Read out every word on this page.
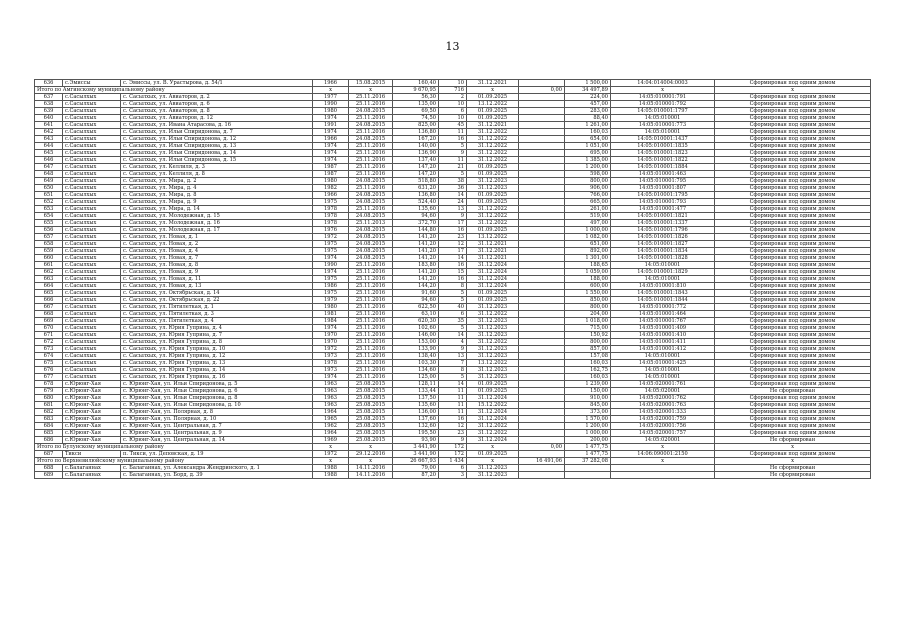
13
636	с.Эмиссы	с. Эмиссы, ул. В. Урастырова, д. 54/1	1966	15.08.2015	160,40	10	31.12.2021		1 500,00	14:04:014004:0003	Сформирован под одним домом
Итого по Амгинскому муниципальному району			x	x	9 670,95	716	x	0,00	34 497,89	x	x
637	с.Сасылхых	с. Сасылхых, ул. Авиаторов, д. 2	1977	25.11.2016	56,30	2	01.09.2025		224,00	14:05:010001:791	Сформирован под одним домом
638	с.Сасылхых	с. Сасылхых, ул. Авиаторов, д. 6	1990	25.11.2016	135,00	10	13.12.2022		457,00	14:05:010001:792	Сформирован под одним домом
639	с.Сасылхых	с. Сасылхых, ул. Авиаторов, д. 8	1980	24.08.2015	69,50	6	01.09.2025		283,00	14:05:010001:1797	Сформирован под одним домом
640	с.Сасылхых	с. Сасылхых, ул. Авиаторов, д. 12	1974	25.11.2016	74,50	10	01.09.2025		88,40	14:05:010001	Сформирован под одним домом
641	с.Сасылхых	с. Сасылхых, ул. Ивана Атарасова, д. 16	1991	24.08.2015	825,00	45	31.12.2021		1 261,00	14:05:010001:773	Сформирован под одним домом
642	с.Сасылхых	с. Сасылхых, ул. Ильи Спиридонова, д. 7	1974	25.11.2016	136,80	11	31.12.2022		160,03	14:05:010001	Сформирован под одним домом
643	с.Сасылхых	с. Сасылхых, ул. Ильи Спиридонова, д. 12	1966	24.08.2015	167,20	16	31.12.2022		654,00	14:05:010001:1437	Сформирован под одним домом
644	с.Сасылхых	с. Сасылхых, ул. Ильи Спиридонова, д. 13	1974	25.11.2016	140,00	5	31.12.2022		1 051,00	14:05:010001:1835	Сформирован под одним домом
645	с.Сасылхых	с. Сасылхых, ул. Ильи Спиридонова, д. 14	1974	25.11.2016	136,90	9	31.12.2022		695,00	14:05:010001:1823	Сформирован под одним домом
646	с.Сасылхых	с. Сасылхых, ул. Ильи Спиридонова, д. 15	1974	25.11.2016	137,40	11	31.12.2022		1 385,00	14:05:010001:1822	Сформирован под одним домом
647	с.Сасылхых	с. Сасылхых, ул. Келлиля, д. 3	1987	25.11.2016	147,20	21	01.09.2025		1 200,00	14:05:010001:1884	Сформирован под одним домом
648	с.Сасылхых	с. Сасылхых, ул. Келлиля, д. 8	1987	25.11.2016	147,20	5	01.09.2025		598,00	14:05:010001:463	Сформирован под одним домом
649	с.Сасылхых	с. Сасылхых, ул. Мира, д. 2	1980	24.08.2015	518,80	38	31.12.2023		800,00	14:05:010001:795	Сформирован под одним домом
650	с.Сасылхых	с. Сасылхых, ул. Мира, д. 4	1982	25.11.2016	631,20	36	31.12.2023		906,00	14:05:010001:807	Сформирован под одним домом
651	с.Сасылхых	с. Сасылхых, ул. Мира, д. 8	1966	24.08.2015	136,80	14	01.09.2025		766,00	14:05:010001:1795	Сформирован под одним домом
652	с.Сасылхых	с. Сасылхых, ул. Мира, д. 9	1975	24.08.2015	524,40	24	01.09.2025		665,00	14:05:010001:793	Сформирован под одним домом
653	с.Сасылхых	с. Сасылхых, ул. Мира, д. 14	1978	25.11.2016	135,60	13	31.12.2022		261,00	14:05:010001:477	Сформирован под одним домом
654	с.Сасылхых	с. Сасылхых, ул. Молодежная, д. 15	1978	24.08.2015	94,60	9	31.12.2022		519,00	14:05:010001:1821	Сформирован под одним домом
655	с.Сасылхых	с. Сасылхых, ул. Молодежная, д. 16	1978	25.11.2013	372,70	17	31.12.2022		497,00	14:05:010001:1337	Сформирован под одним домом
656	с.Сасылхых	с. Сасылхых, ул. Молодежная, д. 17	1976	24.08.2015	144,80	16	01.09.2025		1 000,00	14:05:010001:1796	Сформирован под одним домом
657	с.Сасылхых	с. Сасылхых, ул. Новая, д. 1	1972	24.08.2015	141,20	23	13.12.2022		1 082,00	14:05:010001:1826	Сформирован под одним домом
658	с.Сасылхых	с. Сасылхых, ул. Новая, д. 2	1975	24.08.2015	141,20	12	31.12.2021		651,00	14:05:010001:1827	Сформирован под одним домом
659	с.Сасылхых	с. Сасылхых, ул. Новая, д. 4	1975	24.08.2015	141,20	17	31.12.2021		892,00	14:05:010001:1834	Сформирован под одним домом
660	с.Сасылхых	с. Сасылхых, ул. Новая, д. 7	1974	24.08.2015	141,20	14	31.12.2021		1 301,00	14:05:010001:1828	Сформирован под одним домом
661	с.Сасылхых	с. Сасылхых, ул. Новая, д. 8	1990	25.11.2016	183,80	16	31.12.2024		188,65	14:05:010001	Сформирован под одним домом
662	с.Сасылхых	с. Сасылхых, ул. Новая, д. 9	1974	25.11.2016	141,20	15	31.12.2024		1 059,00	14:05:010001:1829	Сформирован под одним домом
663	с.Сасылхых	с. Сасылхых, ул. Новая, д. 11	1975	25.11.2016	141,20	16	31.12.2024		188,00	14:05:010001	Сформирован под одним домом
664	с.Сасылхых	с. Сасылхых, ул. Новая, д. 13	1986	25.11.2016	144,20	8	31.12.2024		600,00	14:05:010001:810	Сформирован под одним домом
665	с.Сасылхых	с. Сасылхых, ул. Октябрьская, д. 14	1975	25.11.2016	91,60	5	01.09.2025		1 550,00	14:05:010001:1843	Сформирован под одним домом
666	с.Сасылхых	с. Сасылхых, ул. Октябрьская, д. 22	1979	25.11.2016	94,60	5	01.09.2025		850,00	14:05:010001:1844	Сформирован под одним домом
667	с.Сасылхых	с. Сасылхых, ул. Пятилеткая, д. 1	1980	25.11.2016	622,50	40	31.12.2023		800,00	14:05:010001:772	Сформирован под одним домом
668	с.Сасылхых	с. Сасылхых, ул. Пятилеткая, д. 3	1981	25.11.2016	63,10	6	31.12.2022		204,00	14:05:010001:464	Сформирован под одним домом
669	с.Сасылхых	с. Сасылхых, ул. Пятилеткая, д. 4	1984	25.11.2016	620,30	35	31.12.2023		1 018,00	14:05:010001:767	Сформирован под одним домом
670	с.Сасылхых	с. Сасылхых, ул. Юрия Гуприна, д. 4	1974	25.11.2016	102,60	5	31.12.2023		715,00	14:05:010001:409	Сформирован под одним домом
671	с.Сасылхых	с. Сасылхых, ул. Юрия Гуприна, д. 7	1970	25.11.2016	146,00	14	31.12.2023		150,92	14:05:010001:410	Сформирован под одним домом
672	с.Сасылхых	с. Сасылхых, ул. Юрия Гуприна, д. 8	1970	25.11.2016	153,00	4	31.12.2022		800,00	14:05:010001:411	Сформирован под одним домом
673	с.Сасылхых	с. Сасылхых, ул. Юрия Гуприна, д. 10	1972	25.11.2016	133,90	9	31.12.2023		857,00	14:05:010001:412	Сформирован под одним домом
674	с.Сасылхых	с. Сасылхых, ул. Юрия Гуприна, д. 12	1973	25.11.2016	138,40	13	31.12.2023		157,08	14:05:010001	Сформирован под одним домом
675	с.Сасылхых	с. Сасылхых, ул. Юрия Гуприна, д. 13	1978	25.11.2016	103,30	7	13.12.2022		160,03	14:05:010001:425	Сформирован под одним домом
676	с.Сасылхых	с. Сасылхых, ул. Юрия Гуприна, д. 14	1973	25.11.2016	134,60	8	31.12.2023		162,75	14:05:010001	Сформирован под одним домом
677	с.Сасылхых	с. Сасылхых, ул. Юрия Гуприна, д. 16	1974	25.11.2016	125,00	5	31.12.2023		160,03	14:05:010001	Сформирован под одним домом
678	с.Юрюнг-Хая	с. Юрюнг-Хая, ул. Ильи Спиридонова, д. 5	1963	25.08.2015	128,11	14	01.09.2025		1 239,00	14:05:020001:761	Сформирован под одним домом
679	с.Юрюнг-Хая	с. Юрюнг-Хая, ул. Ильи Спиридонова, д. 6	1963	25.08.2015	133,44	11	01.09.2025		150,00	14:05:020001	Не сформирован
680	с.Юрюнг-Хая	с. Юрюнг-Хая, ул. Ильи Спиридонова, д. 8	1963	25.08.2015	137,50	11	31.12.2024		910,00	14:05:020001:762	Сформирован под одним домом
681	с.Юрюнг-Хая	с. Юрюнг-Хая, ул. Ильи Спиридонова, д. 10	1963	25.08.2015	135,60	11	15.12.2022		845,00	14:05:020001:763	Сформирован под одним домом
682	с.Юрюнг-Хая	с. Юрюнг-Хая, ул. Полярная, д. 8	1964	25.08.2015	136,00	11	31.12.2024		373,00	14:05:020001:333	Сформирован под одним домом
683	с.Юрюнг-Хая	с. Юрюнг-Хая, ул. Полярная, д. 10	1965	25.08.2015	137,60	16	31.12.2024		1 570,00	14:05:020001:759	Сформирован под одним домом
684	с.Юрюнг-Хая	с. Юрюнг-Хая, ул. Центральная, д. 7	1962	25.08.2015	132,60	12	31.12.2022		1 200,00	14:05:020001:756	Сформирован под одним домом
685	с.Юрюнг-Хая	с. Юрюнг-Хая, ул. Центральная, д. 9	1964	25.08.2015	195,50	23	31.12.2022		1 000,00	14:05:020001:757	Сформирован под одним домом
686	с.Юрюнг-Хая	с. Юрюнг-Хая, ул. Центральная, д. 14	1969	25.08.2015	93,90	9	31.12.2024		200,00	14:05:020001	Не сформирован
Итого по Булунскому муниципальному району			x	x	3 441,90	172	x	0,00	1 477,75	x	x
687	Тикси	п. Тикси, ул. Деповская, д. 19	1972	29.12.2016	3 441,90	172	01.09.2025		1 477,75	14:06:090001:2150	Сформирован под одним домом
Итого по Верхневилюйскому муниципальному району			x	x	26 667,93	1 434	x	16 491,06	37 282,08	x	x
688	с.Балаганнах	с. Балаганнах, ул. Александра Жендринского, д. 1	1988	14.11.2016	79,00	6	31.12.2023				Не сформирован
689	с.Балаганнах	с. Балаганнах, ул. Борд, д. 39	1988	14.11.2016	87,20	3	31.12.2023				Не сформирован
